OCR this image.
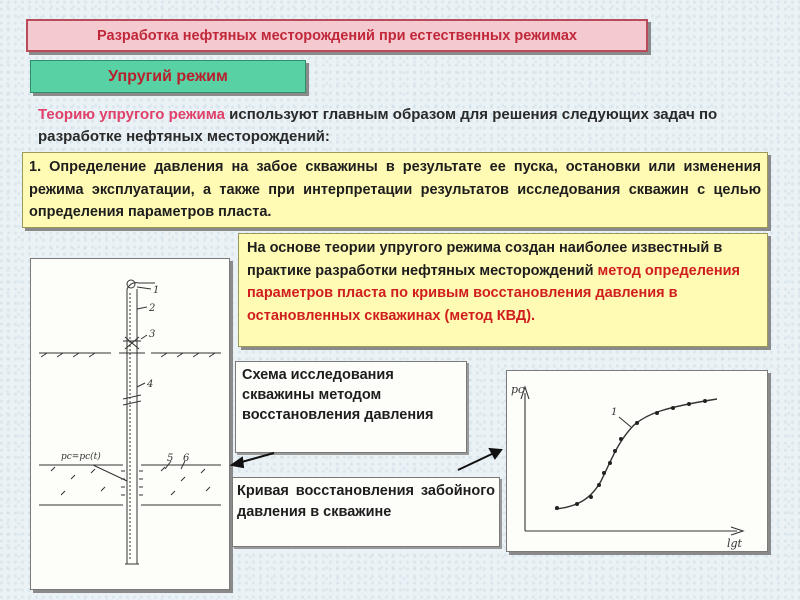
Разработка нефтяных месторождений при естественных режимах
Упругий режим
Теорию упругого режима используют главным образом для решения следующих задач по разработке нефтяных месторождений:
1. Определение давления на забое скважины в результате ее пуска, остановки или изменения режима эксплуатации, а также при интерпретации результатов исследования скважин с целью определения параметров пласта.
На основе теории упругого режима создан наиболее известный в практике разработки нефтяных месторождений метод определения параметров пласта по кривым восстановления давления в остановленных скважинах (метод КВД).
1
2
3
4
5 6
pc=pc(t)
Схема исследования скважины методом восстановления давления
Кривая восстановления забойного давления в скважине
pc
lgt
1
